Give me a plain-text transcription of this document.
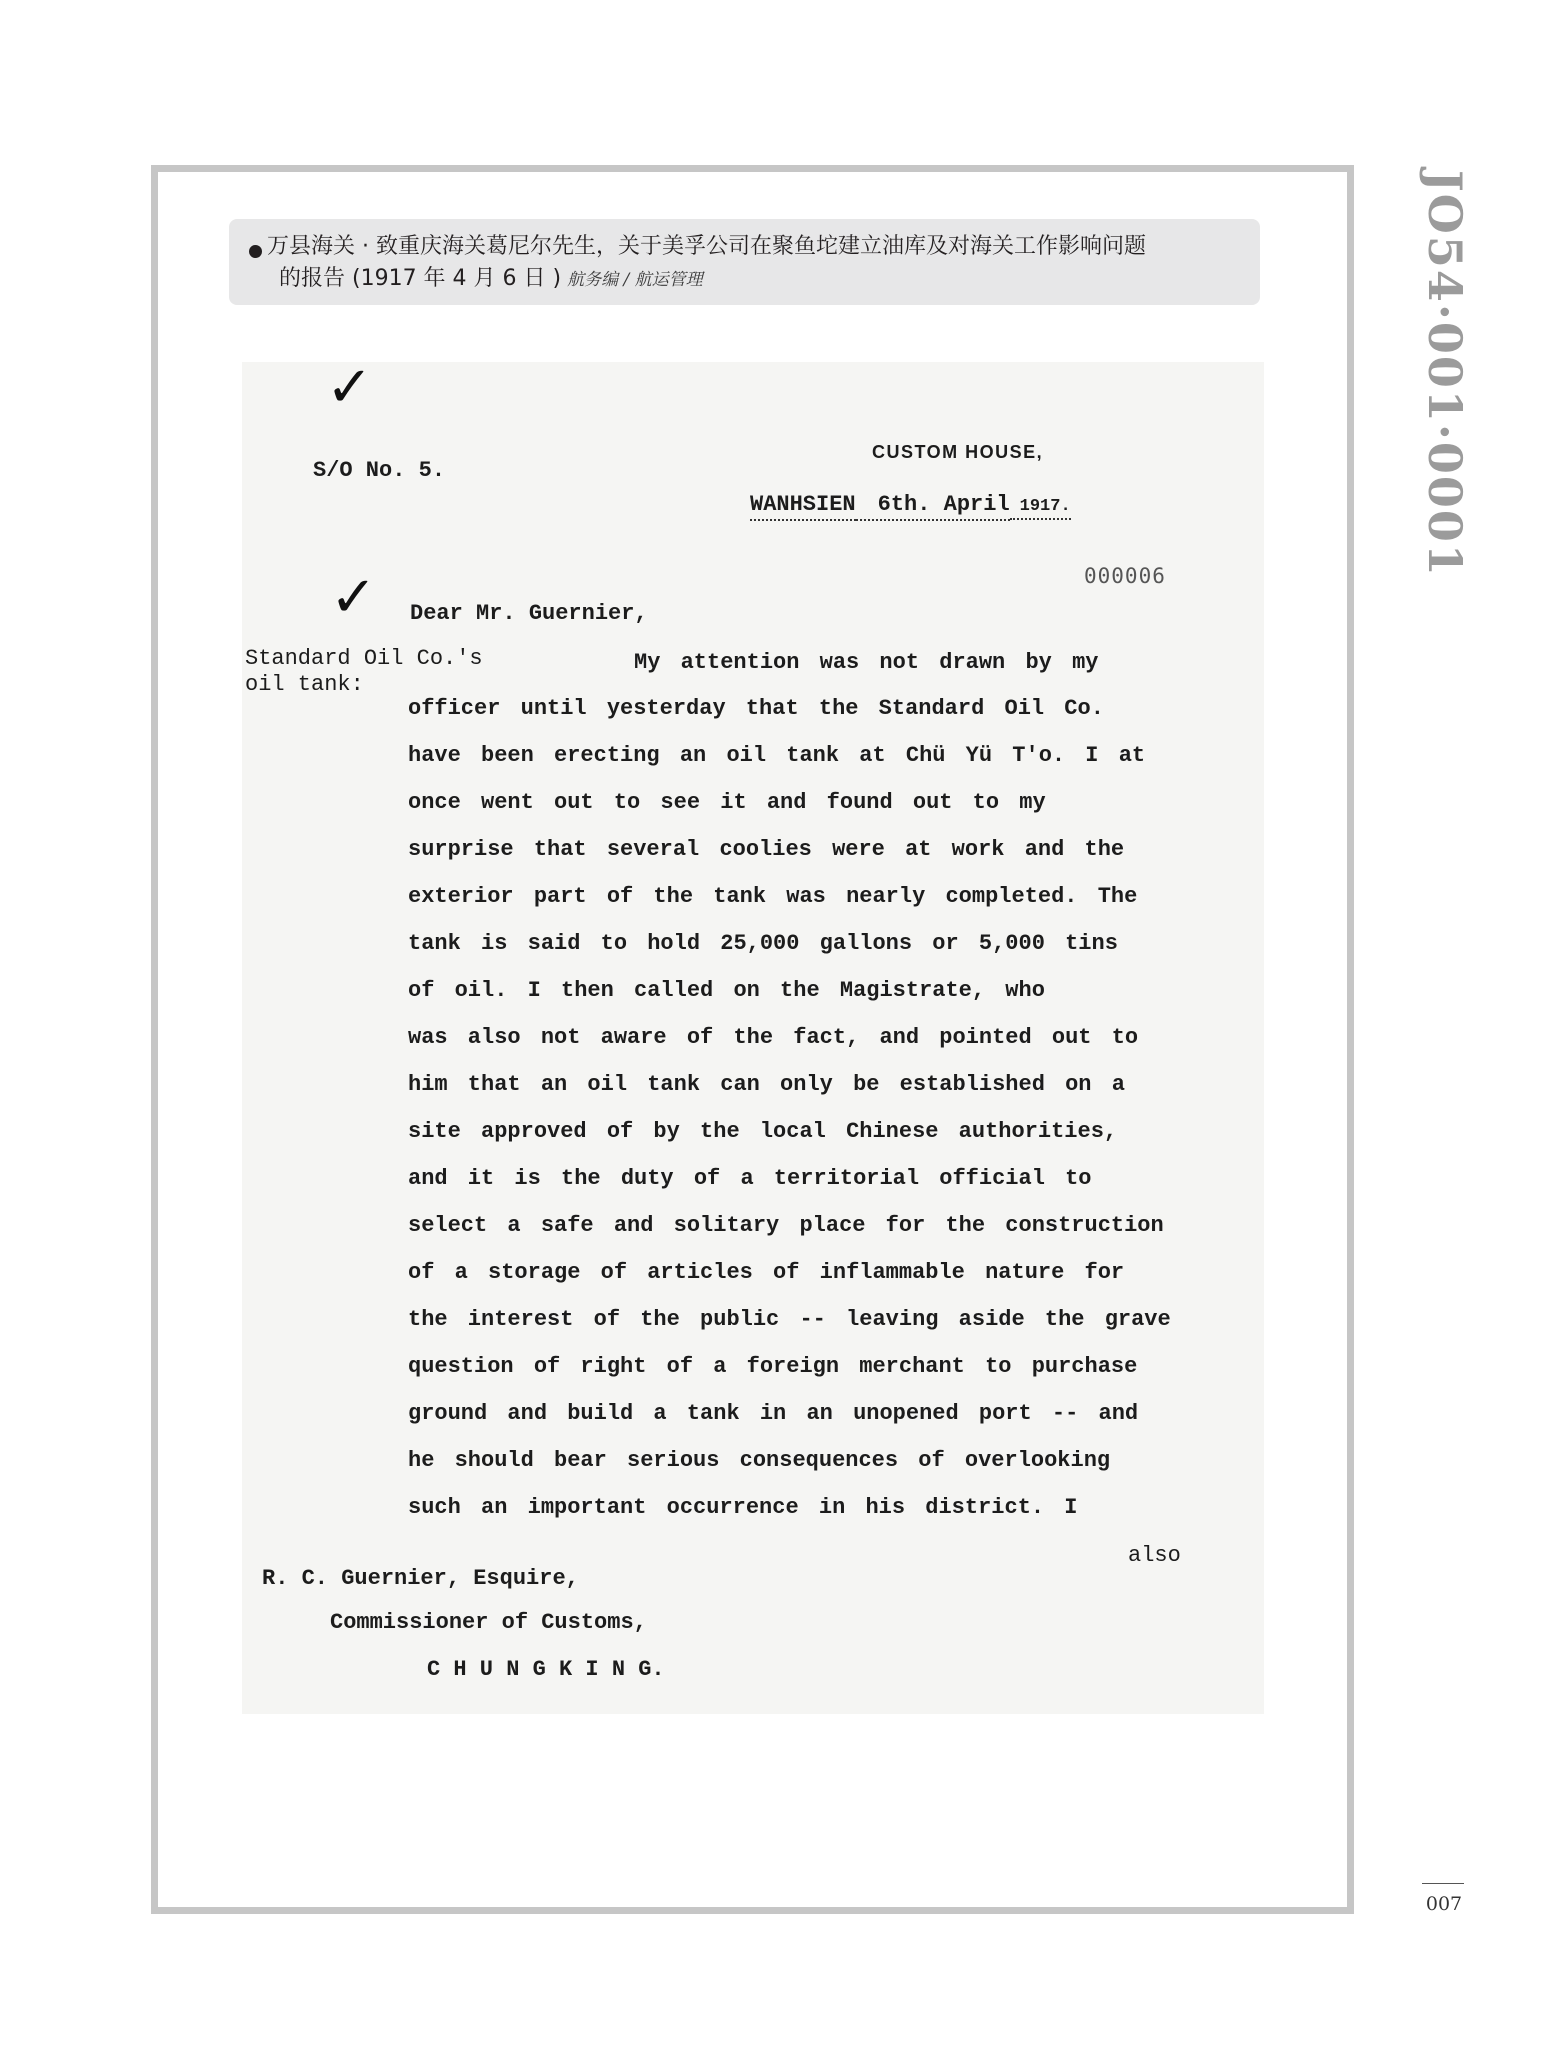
万县海关 · 致重庆海关葛尼尔先生，关于美孚公司在聚鱼坨建立油库及对海关工作影响问题
的报告 (1917 年 4 月 6 日 ) 航务编 / 航运管理	JO54·001·0001
007
✓
✓
S/O No. 5.
CUSTOM HOUSE,
WANHSIEN 6th. April 1917.
000006
Dear Mr. Guernier,
Standard Oil Co.'s
oil tank:
My attention was not drawn by my
officer until yesterday that the Standard Oil Co.
have been erecting an oil tank at Chü Yü T'o. I at
once went out to see it and found out to my
surprise that several coolies were at work and the
exterior part of the tank was nearly completed. The
tank is said to hold 25,000 gallons or 5,000 tins
of oil. I then called on the Magistrate, who
was also not aware of the fact, and pointed out to
him that an oil tank can only be established on a
site approved of by the local Chinese authorities,
and it is the duty of a territorial official to
select a safe and solitary place for the construction
of a storage of articles of inflammable nature for
the interest of the public -- leaving aside the grave
question of right of a foreign merchant to purchase
ground and build a tank in an unopened port -- and
he should bear serious consequences of overlooking
such an important occurrence in his district. I
also
R. C. Guernier, Esquire,
Commissioner of Customs,
C H U N G K I N G.
